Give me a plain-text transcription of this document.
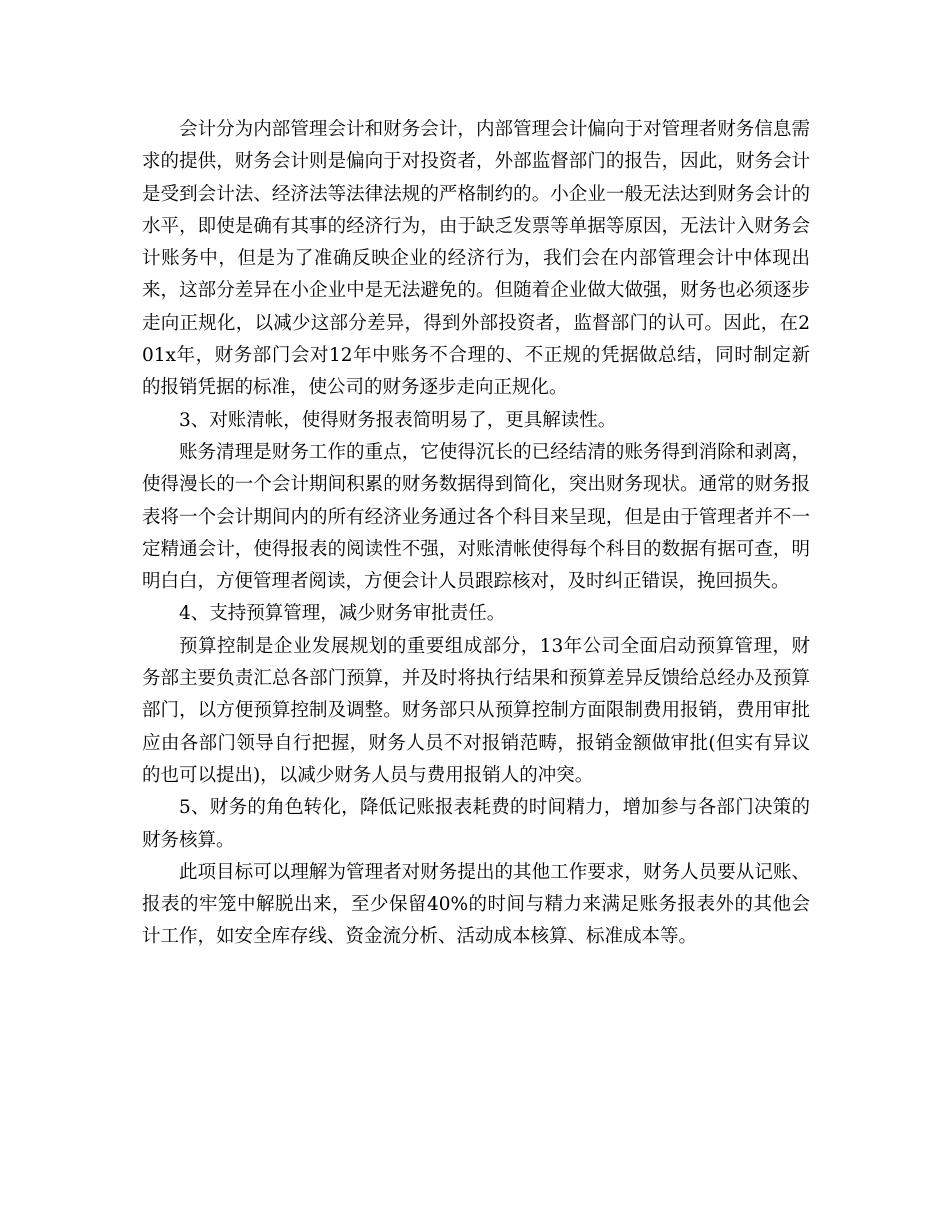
会计分为内部管理会计和财务会计，内部管理会计偏向于对管理者财务信息需求的提供，财务会计则是偏向于对投资者，外部监督部门的报告，因此，财务会计是受到会计法、经济法等法律法规的严格制约的。小企业一般无法达到财务会计的水平，即使是确有其事的经济行为，由于缺乏发票等单据等原因，无法计入财务会计账务中，但是为了准确反映企业的经济行为，我们会在内部管理会计中体现出来，这部分差异在小企业中是无法避免的。但随着企业做大做强，财务也必须逐步走向正规化，以减少这部分差异，得到外部投资者，监督部门的认可。因此，在201x年，财务部门会对12年中账务不合理的、不正规的凭据做总结，同时制定新的报销凭据的标准，使公司的财务逐步走向正规化。

3、对账清帐，使得财务报表简明易了，更具解读性。

账务清理是财务工作的重点，它使得沉长的已经结清的账务得到消除和剥离，使得漫长的一个会计期间积累的财务数据得到简化，突出财务现状。通常的财务报表将一个会计期间内的所有经济业务通过各个科目来呈现，但是由于管理者并不一定精通会计，使得报表的阅读性不强，对账清帐使得每个科目的数据有据可查，明明白白，方便管理者阅读，方便会计人员跟踪核对，及时纠正错误，挽回损失。

4、支持预算管理，减少财务审批责任。

预算控制是企业发展规划的重要组成部分，13年公司全面启动预算管理，财务部主要负责汇总各部门预算，并及时将执行结果和预算差异反馈给总经办及预算部门，以方便预算控制及调整。财务部只从预算控制方面限制费用报销，费用审批应由各部门领导自行把握，财务人员不对报销范畴，报销金额做审批(但实有异议的也可以提出)，以减少财务人员与费用报销人的冲突。

5、财务的角色转化，降低记账报表耗费的时间精力，增加参与各部门决策的财务核算。

此项目标可以理解为管理者对财务提出的其他工作要求，财务人员要从记账、报表的牢笼中解脱出来，至少保留40%的时间与精力来满足账务报表外的其他会计工作，如安全库存线、资金流分析、活动成本核算、标准成本等。
